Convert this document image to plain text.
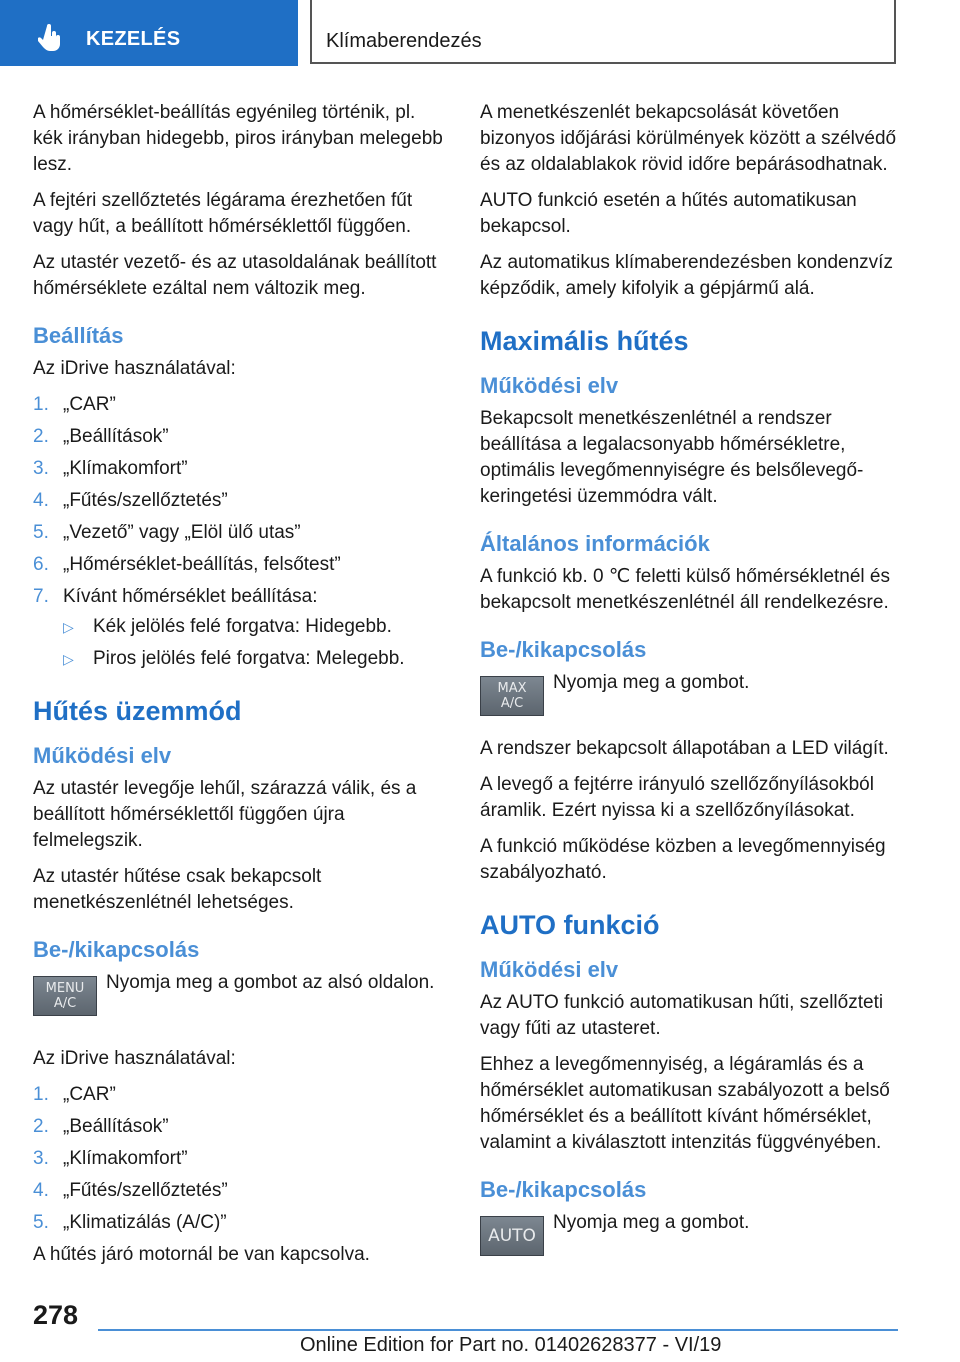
KEZELÉS	Klímaberendezés

A hőmérséklet-beállítás egyénileg történik, pl. kék irányban hidegebb, piros irányban melegebb lesz.

A fejtéri szellőztetés légárama érezhetően fűt vagy hűt, a beállított hőmérséklettől függően.

Az utastér vezető- és az utasoldalának beállított hőmérséklete ezáltal nem változik meg.

Beállítás

Az iDrive használatával:

1. „CAR”
2. „Beállítások”
3. „Klímakomfort”
4. „Fűtés/szellőztetés”
5. „Vezető” vagy „Elöl ülő utas”
6. „Hőmérséklet-beállítás, felsőtest”
7. Kívánt hőmérséklet beállítása:
▷ Kék jelölés felé forgatva: Hidegebb.
▷ Piros jelölés felé forgatva: Melegebb.
Hűtés üzemmód
Működési elv

Az utastér levegője lehűl, szárazzá válik, és a beállított hőmérséklettől függően újra felmelegszik.

Az utastér hűtése csak bekapcsolt menetkészenlétnél lehetséges.

Be-/kikapcsolás
MENU
A/C

Nyomja meg a gombot az alsó oldalon.

Az iDrive használatával:

1. „CAR”
2. „Beállítások”
3. „Klímakomfort”
4. „Fűtés/szellőztetés”
5. „Klimatizálás (A/C)”

A hűtés járó motornál be van kapcsolva.

A menetkészenlét bekapcsolását követően bizonyos időjárási körülmények között a szélvédő és az oldalablakok rövid időre bepárásodhatnak.

AUTO funkció esetén a hűtés automatikusan bekapcsol.

Az automatikus klímaberendezésben kondenzvíz képződik, amely kifolyik a gépjármű alá.

Maximális hűtés
Működési elv

Bekapcsolt menetkészenlétnél a rendszer beállítása a legalacsonyabb hőmérsékletre, optimális levegőmennyiségre és belsőlevegő-keringetési üzemmódra vált.

Általános információk

A funkció kb. 0 ℃ feletti külső hőmérsékletnél és bekapcsolt menetkészenlétnél áll rendelkezésre.

Be-/kikapcsolás
MAX
A/C

Nyomja meg a gombot.

A rendszer bekapcsolt állapotában a LED világít.

A levegő a fejtérre irányuló szellőzőnyílásokból áramlik. Ezért nyissa ki a szellőzőnyílásokat.

A funkció működése közben a levegőmennyiség szabályozható.

AUTO funkció
Működési elv

Az AUTO funkció automatikusan hűti, szellőzteti vagy fűti az utasteret.

Ehhez a levegőmennyiség, a légáramlás és a hőmérséklet automatikusan szabályozott a belső hőmérséklet és a beállított kívánt hőmérséklet, valamint a kiválasztott intenzitás függvényében.

Be-/kikapcsolás
AUTO

Nyomja meg a gombot.

278
Online Edition for Part no. 01402628377 - VI/19
